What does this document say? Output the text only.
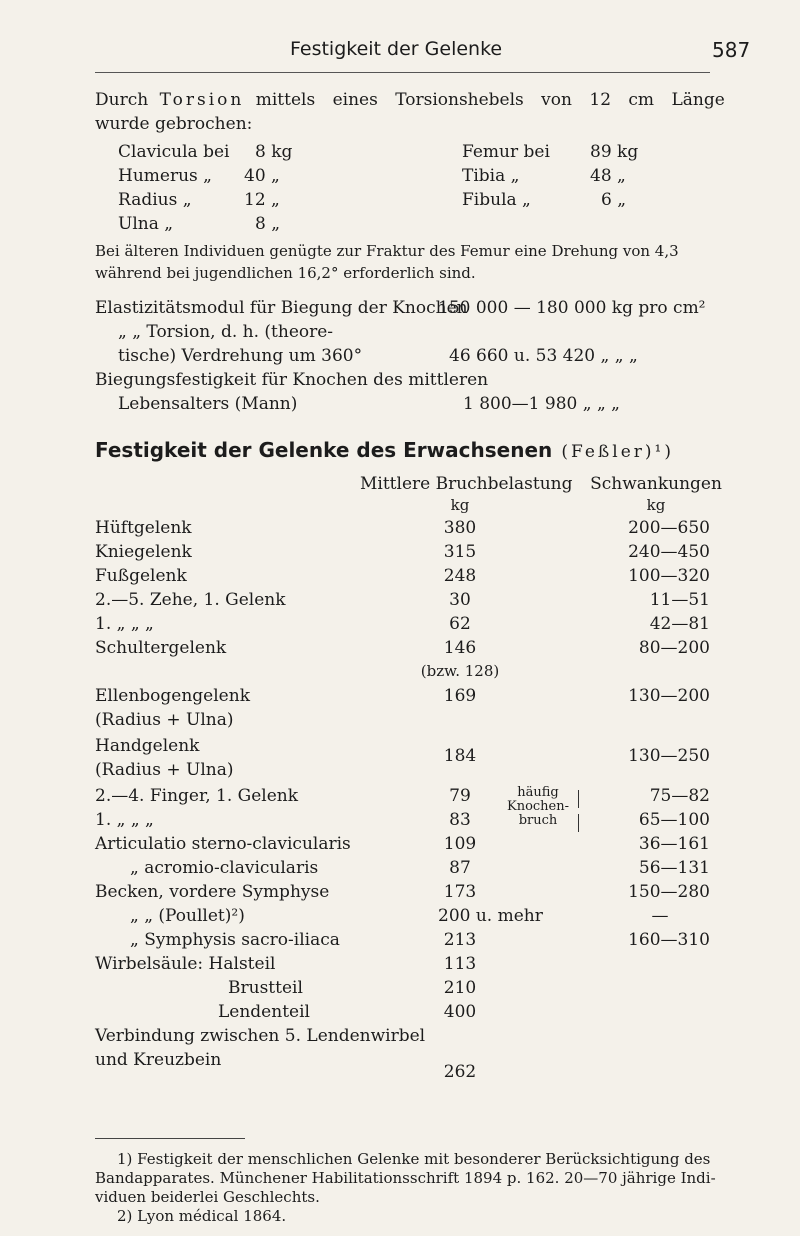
Festigkeit der Gelenke	587
Durch Torsion mittels eines Torsionshebels von 12 cm Länge
wurde gebrochen:
Clavicula bei 8 kg
Humerus „ 40 „
Radius „	12 „
Ulna „	8 „
Femur bei 89 kg
Tibia „	48 „
Fibula „	6 „
Bei älteren Individuen genügte zur Fraktur des Femur eine Drehung von 4,3
während bei jugendlichen 16,2° erforderlich sind.
Elastizitätsmodul für Biegung der Knochen
150 000 — 180 000 kg pro cm²
„ „ Torsion, d. h. (theore-
tische) Verdrehung um 360°	46 660 u. 53 420 „ „ „
Biegungsfestigkeit für Knochen des mittleren
Lebensalters (Mann)	1 800—1 980 „ „ „
Festigkeit der Gelenke des Erwachsenen (Feßler)¹)
Mittlere Bruchbelastung
kg
Schwankungen
kg
Hüftgelenk	380	200—650
Kniegelenk	315	240—450
Fußgelenk	248	100—320
2.—5. Zehe, 1. Gelenk	30	11—51
1. „ „ „	62	42—81
Schultergelenk	146	80—200
(bzw. 128)
Ellenbogengelenk	169	130—200
(Radius + Ulna)
Handgelenk	184	130—250
(Radius + Ulna)
2.—4. Finger, 1. Gelenk	79	75—82
1. „ „ „	83	65—100
häufig
Knochen-
bruch
Articulatio sterno-clavicularis	109	36—161
„ acromio-clavicularis	87	56—131
Becken, vordere Symphyse	173	150—280
„ „ (Poullet)²)	200 u. mehr	—
„ Symphysis sacro-iliaca	213	160—310
Wirbelsäule: Halsteil	113
Brustteil	210
Lendenteil	400
Verbindung zwischen 5. Lendenwirbel
und Kreuzbein
262
1) Festigkeit der menschlichen Gelenke mit besonderer Berücksichtigung des
Bandapparates. Münchener Habilitationsschrift 1894 p. 162. 20—70 jährige Indi-
viduen beiderlei Geschlechts.
2) Lyon médical 1864.
